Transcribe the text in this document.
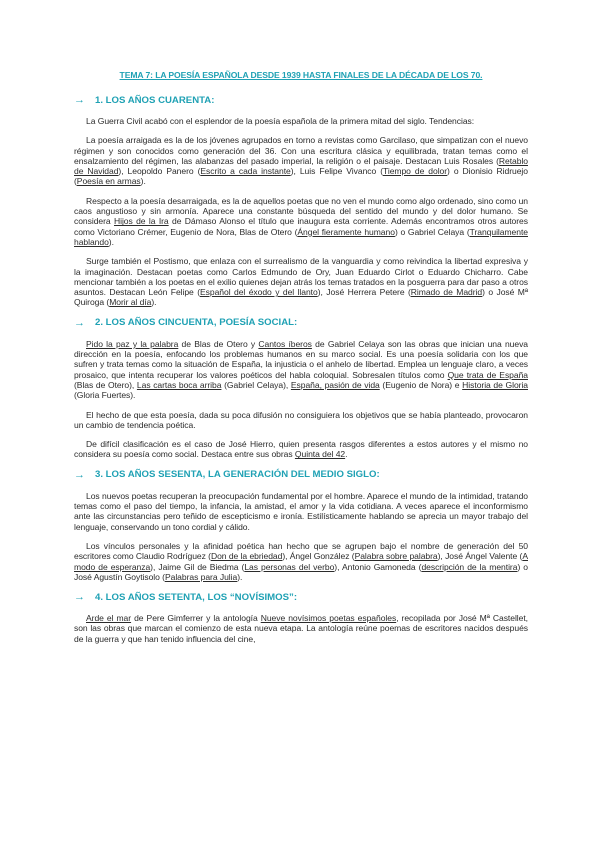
TEMA 7: LA POESÍA ESPAÑOLA DESDE 1939 HASTA FINALES DE LA DÉCADA DE LOS 70.
→ 1. LOS AÑOS CUARENTA:

La Guerra Civil acabó con el esplendor de la poesía española de la primera mitad del siglo. Tendencias:

La poesía arraigada es la de los jóvenes agrupados en torno a revistas como Garcilaso, que simpatizan con el nuevo régimen y son conocidos como generación del 36. Con una escritura clásica y equilibrada, tratan temas como el ensalzamiento del régimen, las alabanzas del pasado imperial, la religión o el paisaje. Destacan Luis Rosales (Retablo de Navidad), Leopoldo Panero (Escrito a cada instante), Luis Felipe Vivanco (Tiempo de dolor) o Dionisio Ridruejo (Poesía en armas).

Respecto a la poesía desarraigada, es la de aquellos poetas que no ven el mundo como algo ordenado, sino como un caos angustioso y sin armonía. Aparece una constante búsqueda del sentido del mundo y del dolor humano. Se considera Hijos de la Ira de Dámaso Alonso el título que inaugura esta corriente. Además encontramos otros autores como Victoriano Crémer, Eugenio de Nora, Blas de Otero (Ángel fieramente humano) o Gabriel Celaya (Tranquilamente hablando).

Surge también el Postismo, que enlaza con el surrealismo de la vanguardia y como reivindica la libertad expresiva y la imaginación. Destacan poetas como Carlos Edmundo de Ory, Juan Eduardo Cirlot o Eduardo Chicharro. Cabe mencionar también a los poetas en el exilio quienes dejan atrás los temas tratados en la posguerra para dar paso a otros asuntos. Destacan León Felipe (Español del éxodo y del llanto), José Herrera Petere (Rimado de Madrid) o José Mª Quiroga (Morir al día).

→ 2. LOS AÑOS CINCUENTA, POESÍA SOCIAL:

Pido la paz y la palabra de Blas de Otero y Cantos íberos de Gabriel Celaya son las obras que inician una nueva dirección en la poesía, enfocando los problemas humanos en su marco social. Es una poesía solidaria con los que sufren y trata temas como la situación de España, la injusticia o el anhelo de libertad. Emplea un lenguaje claro, a veces prosaico, que intenta recuperar los valores poéticos del habla coloquial. Sobresalen títulos como Que trata de España (Blas de Otero), Las cartas boca arriba (Gabriel Celaya), España, pasión de vida (Eugenio de Nora) e Historia de Gloria (Gloria Fuertes).

El hecho de que esta poesía, dada su poca difusión no consiguiera los objetivos que se había planteado, provocaron un cambio de tendencia poética.

De difícil clasificación es el caso de José Hierro, quien presenta rasgos diferentes a estos autores y el mismo no considera su poesía como social. Destaca entre sus obras Quinta del 42.

→ 3. LOS AÑOS SESENTA, LA GENERACIÓN DEL MEDIO SIGLO:

Los nuevos poetas recuperan la preocupación fundamental por el hombre. Aparece el mundo de la intimidad, tratando temas como el paso del tiempo, la infancia, la amistad, el amor y la vida cotidiana. A veces aparece el inconformismo ante las circunstancias pero teñido de escepticismo e ironía. Estilísticamente hablando se aprecia un mayor trabajo del lenguaje, conservando un tono cordial y cálido.

Los vínculos personales y la afinidad poética han hecho que se agrupen bajo el nombre de generación del 50 escritores como Claudio Rodríguez (Don de la ebriedad), Ángel González (Palabra sobre palabra), José Ángel Valente (A modo de esperanza), Jaime Gil de Biedma (Las personas del verbo), Antonio Gamoneda (descripción de la mentira) o José Agustín Goytisolo (Palabras para Julia).

→ 4. LOS AÑOS SETENTA, LOS “NOVÍSIMOS”:

Arde el mar de Pere Gimferrer y la antología Nueve novísimos poetas españoles, recopilada por José Mª Castellet, son las obras que marcan el comienzo de esta nueva etapa. La antología reúne poemas de escritores nacidos después de la guerra y que han tenido influencia del cine,
